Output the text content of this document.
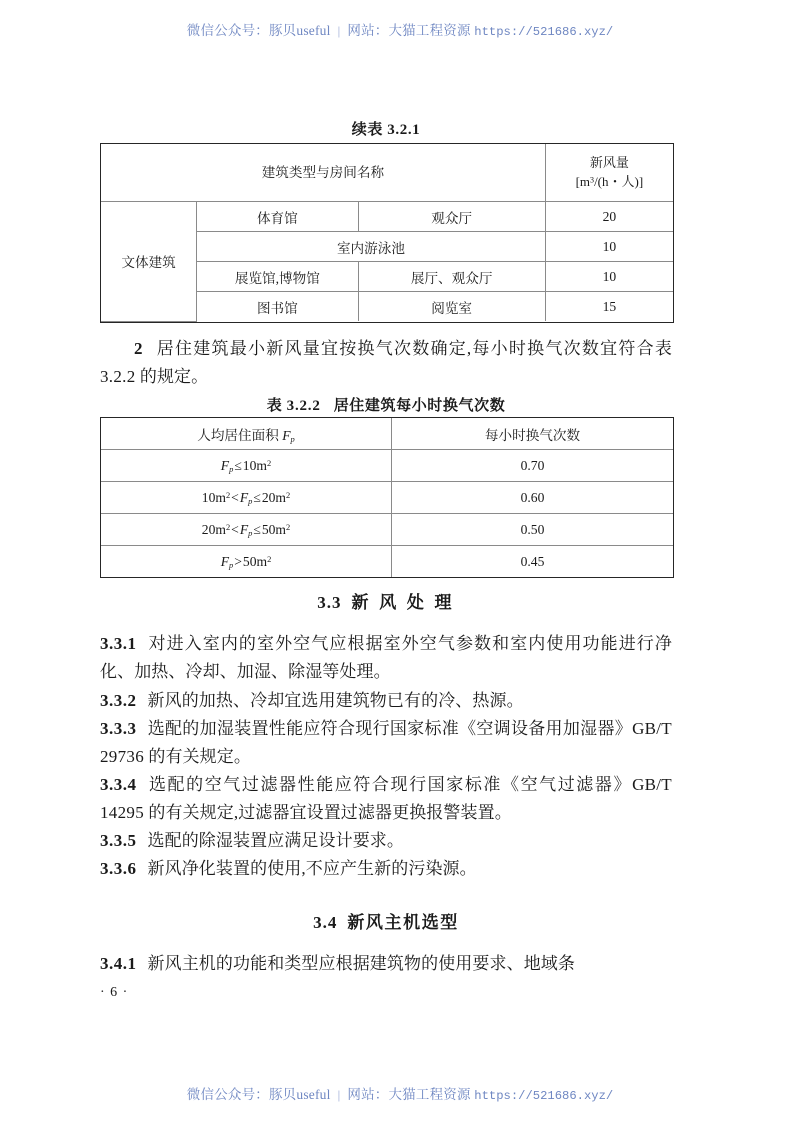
微信公众号：豚贝useful | 网站：大猫工程资源 https://521686.xyz/
续表 3.2.1
建筑类型与房间名称			新风量
[$m^3/(h$・人)]

文体建筑	体育馆	观众厅	20
	室内游泳池		10
	展览馆,博物馆	展厅、观众厅	10
	图书馆	阅览室	15

2 居住建筑最小新风量宜按换气次数确定,每小时换气次数宜符合表 3.2.2 的规定。

表 3.2.2   居住建筑每小时换气次数
人均居住面积 $F_p$	每小时换气次数
$F_p\le 10m^2$	0.70
$10m^2<F_p\le 20m^2$	0.60
$20m^2<F_p\le 50m^2$	0.50
$F_p>50m^2$	0.45
3.3 新 风 处 理

3.3.1 对进入室内的室外空气应根据室外空气参数和室内使用功能进行净化、加热、冷却、加湿、除湿等处理。

3.3.2 新风的加热、冷却宜选用建筑物已有的冷、热源。

3.3.3 选配的加湿装置性能应符合现行国家标准《空调设备用加湿器》GB/T 29736 的有关规定。

3.3.4 选配的空气过滤器性能应符合现行国家标准《空气过滤器》GB/T 14295 的有关规定,过滤器宜设置过滤器更换报警装置。

3.3.5 选配的除湿装置应满足设计要求。

3.3.6 新风净化装置的使用,不应产生新的污染源。

3.4 新风主机选型

3.4.1 新风主机的功能和类型应根据建筑物的使用要求、地域条

· 6 ·
微信公众号：豚贝useful | 网站：大猫工程资源 https://521686.xyz/
